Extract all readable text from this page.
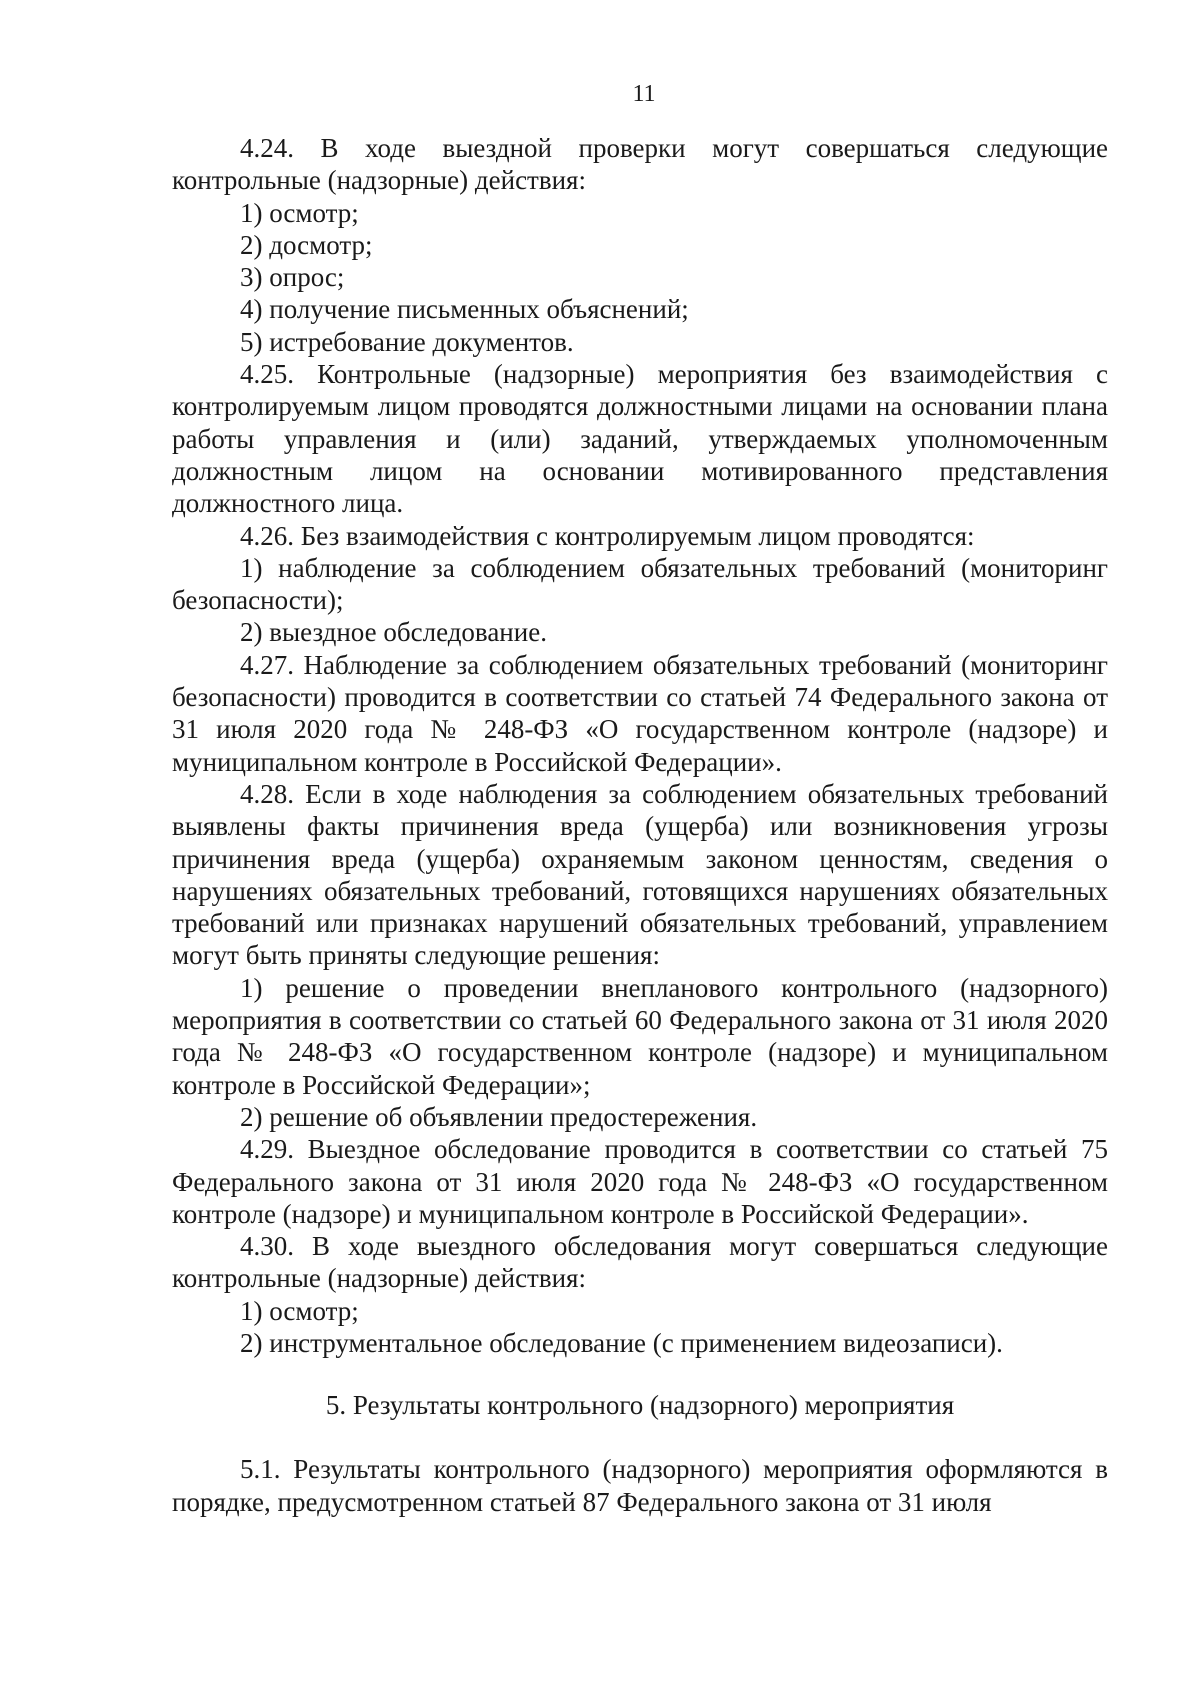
11

4.24. В ходе выездной проверки могут совершаться следующие контрольные (надзорные) действия:

1) осмотр;

2) досмотр;

3) опрос;

4) получение письменных объяснений;

5) истребование документов.

4.25. Контрольные (надзорные) мероприятия без взаимодействия с контролируемым лицом проводятся должностными лицами на основании плана работы управления и (или) заданий, утверждаемых уполномоченным должностным лицом на основании мотивированного представления должностного лица.

4.26. Без взаимодействия с контролируемым лицом проводятся:

1) наблюдение за соблюдением обязательных требований (мониторинг безопасности);

2) выездное обследование.

4.27. Наблюдение за соблюдением обязательных требований (мониторинг безопасности) проводится в соответствии со статьей 74 Федерального закона от 31 июля 2020 года № 248-ФЗ «О государственном контроле (надзоре) и муниципальном контроле в Российской Федерации».

4.28. Если в ходе наблюдения за соблюдением обязательных требований выявлены факты причинения вреда (ущерба) или возникновения угрозы причинения вреда (ущерба) охраняемым законом ценностям, сведения о нарушениях обязательных требований, готовящихся нарушениях обязательных требований или признаках нарушений обязательных требований, управлением могут быть приняты следующие решения:

1) решение о проведении внепланового контрольного (надзорного) мероприятия в соответствии со статьей 60 Федерального закона от 31 июля 2020 года № 248-ФЗ «О государственном контроле (надзоре) и муниципальном контроле в Российской Федерации»;

2) решение об объявлении предостережения.

4.29. Выездное обследование проводится в соответствии со статьей 75 Федерального закона от 31 июля 2020 года № 248-ФЗ «О государственном контроле (надзоре) и муниципальном контроле в Российской Федерации».

4.30. В ходе выездного обследования могут совершаться следующие контрольные (надзорные) действия:

1) осмотр;

2) инструментальное обследование (с применением видеозаписи).

5. Результаты контрольного (надзорного) мероприятия

5.1. Результаты контрольного (надзорного) мероприятия оформляются в порядке, предусмотренном статьей 87 Федерального закона от 31 июля
